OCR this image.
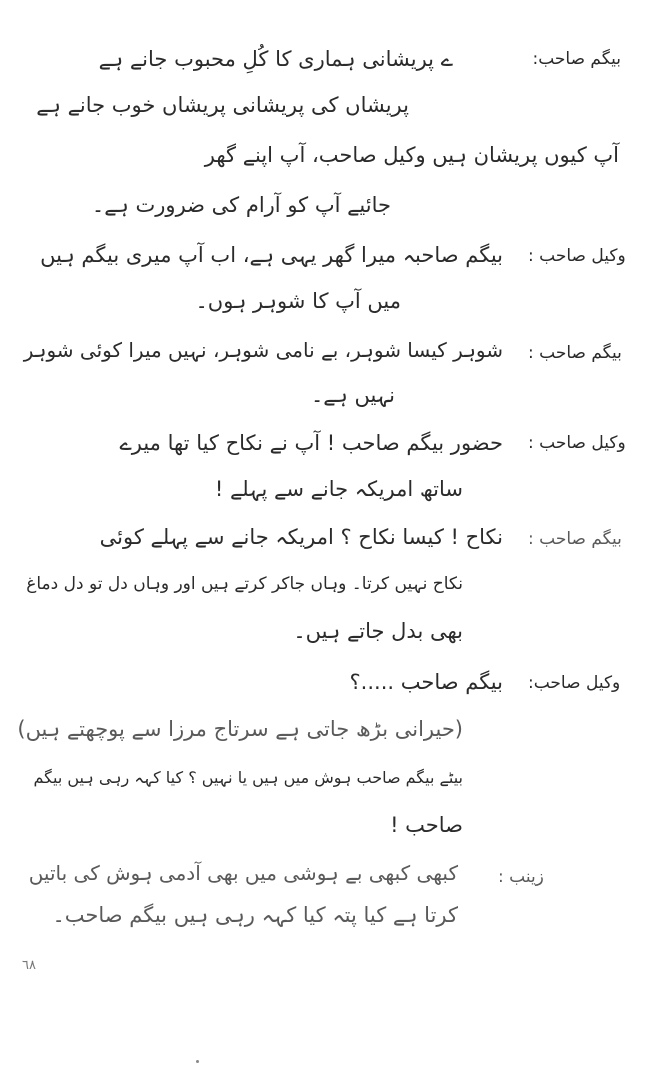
بیگم صاحب:
ے پریشانی ہماری کا کُلِ محبوب جانے ہے
پریشاں کی پریشانی پریشاں خوب جانے ہے
آپ کیوں پریشان ہیں وکیل صاحب، آپ اپنے گھر
جائیے آپ کو آرام کی ضرورت ہے۔
وکیل صاحب :
بیگم صاحبہ میرا گھر یہی ہے، اب آپ میری بیگم ہیں
میں آپ کا شوہر ہوں۔
بیگم صاحب :
شوہر کیسا شوہر، بے نامی شوہر، نہیں میرا کوئی شوہر
نہیں ہے۔
وکیل صاحب :
حضور بیگم صاحب ! آپ نے نکاح کیا تھا میرے
ساتھ امریکہ جانے سے پہلے !
بیگم صاحب :
نکاح ! کیسا نکاح ؟ امریکہ جانے سے پہلے کوئی
نکاح نہیں کرتا۔ وہاں جاکر کرتے ہیں اور وہاں دل تو دل دماغ
بھی بدل جاتے ہیں۔
وکیل صاحب:
بیگم صاحب .....؟
(حیرانی بڑھ جاتی ہے سرتاج مرزا سے پوچھتے ہیں)
بیٹے بیگم صاحب ہوش میں ہیں یا نہیں ؟ کیا کہہ رہی ہیں بیگم
صاحب !
زینب :
کبھی کبھی بے ہوشی میں بھی آدمی ہوش کی باتیں
کرتا ہے کیا پتہ کیا کہہ رہی ہیں بیگم صاحب۔
٦٨
